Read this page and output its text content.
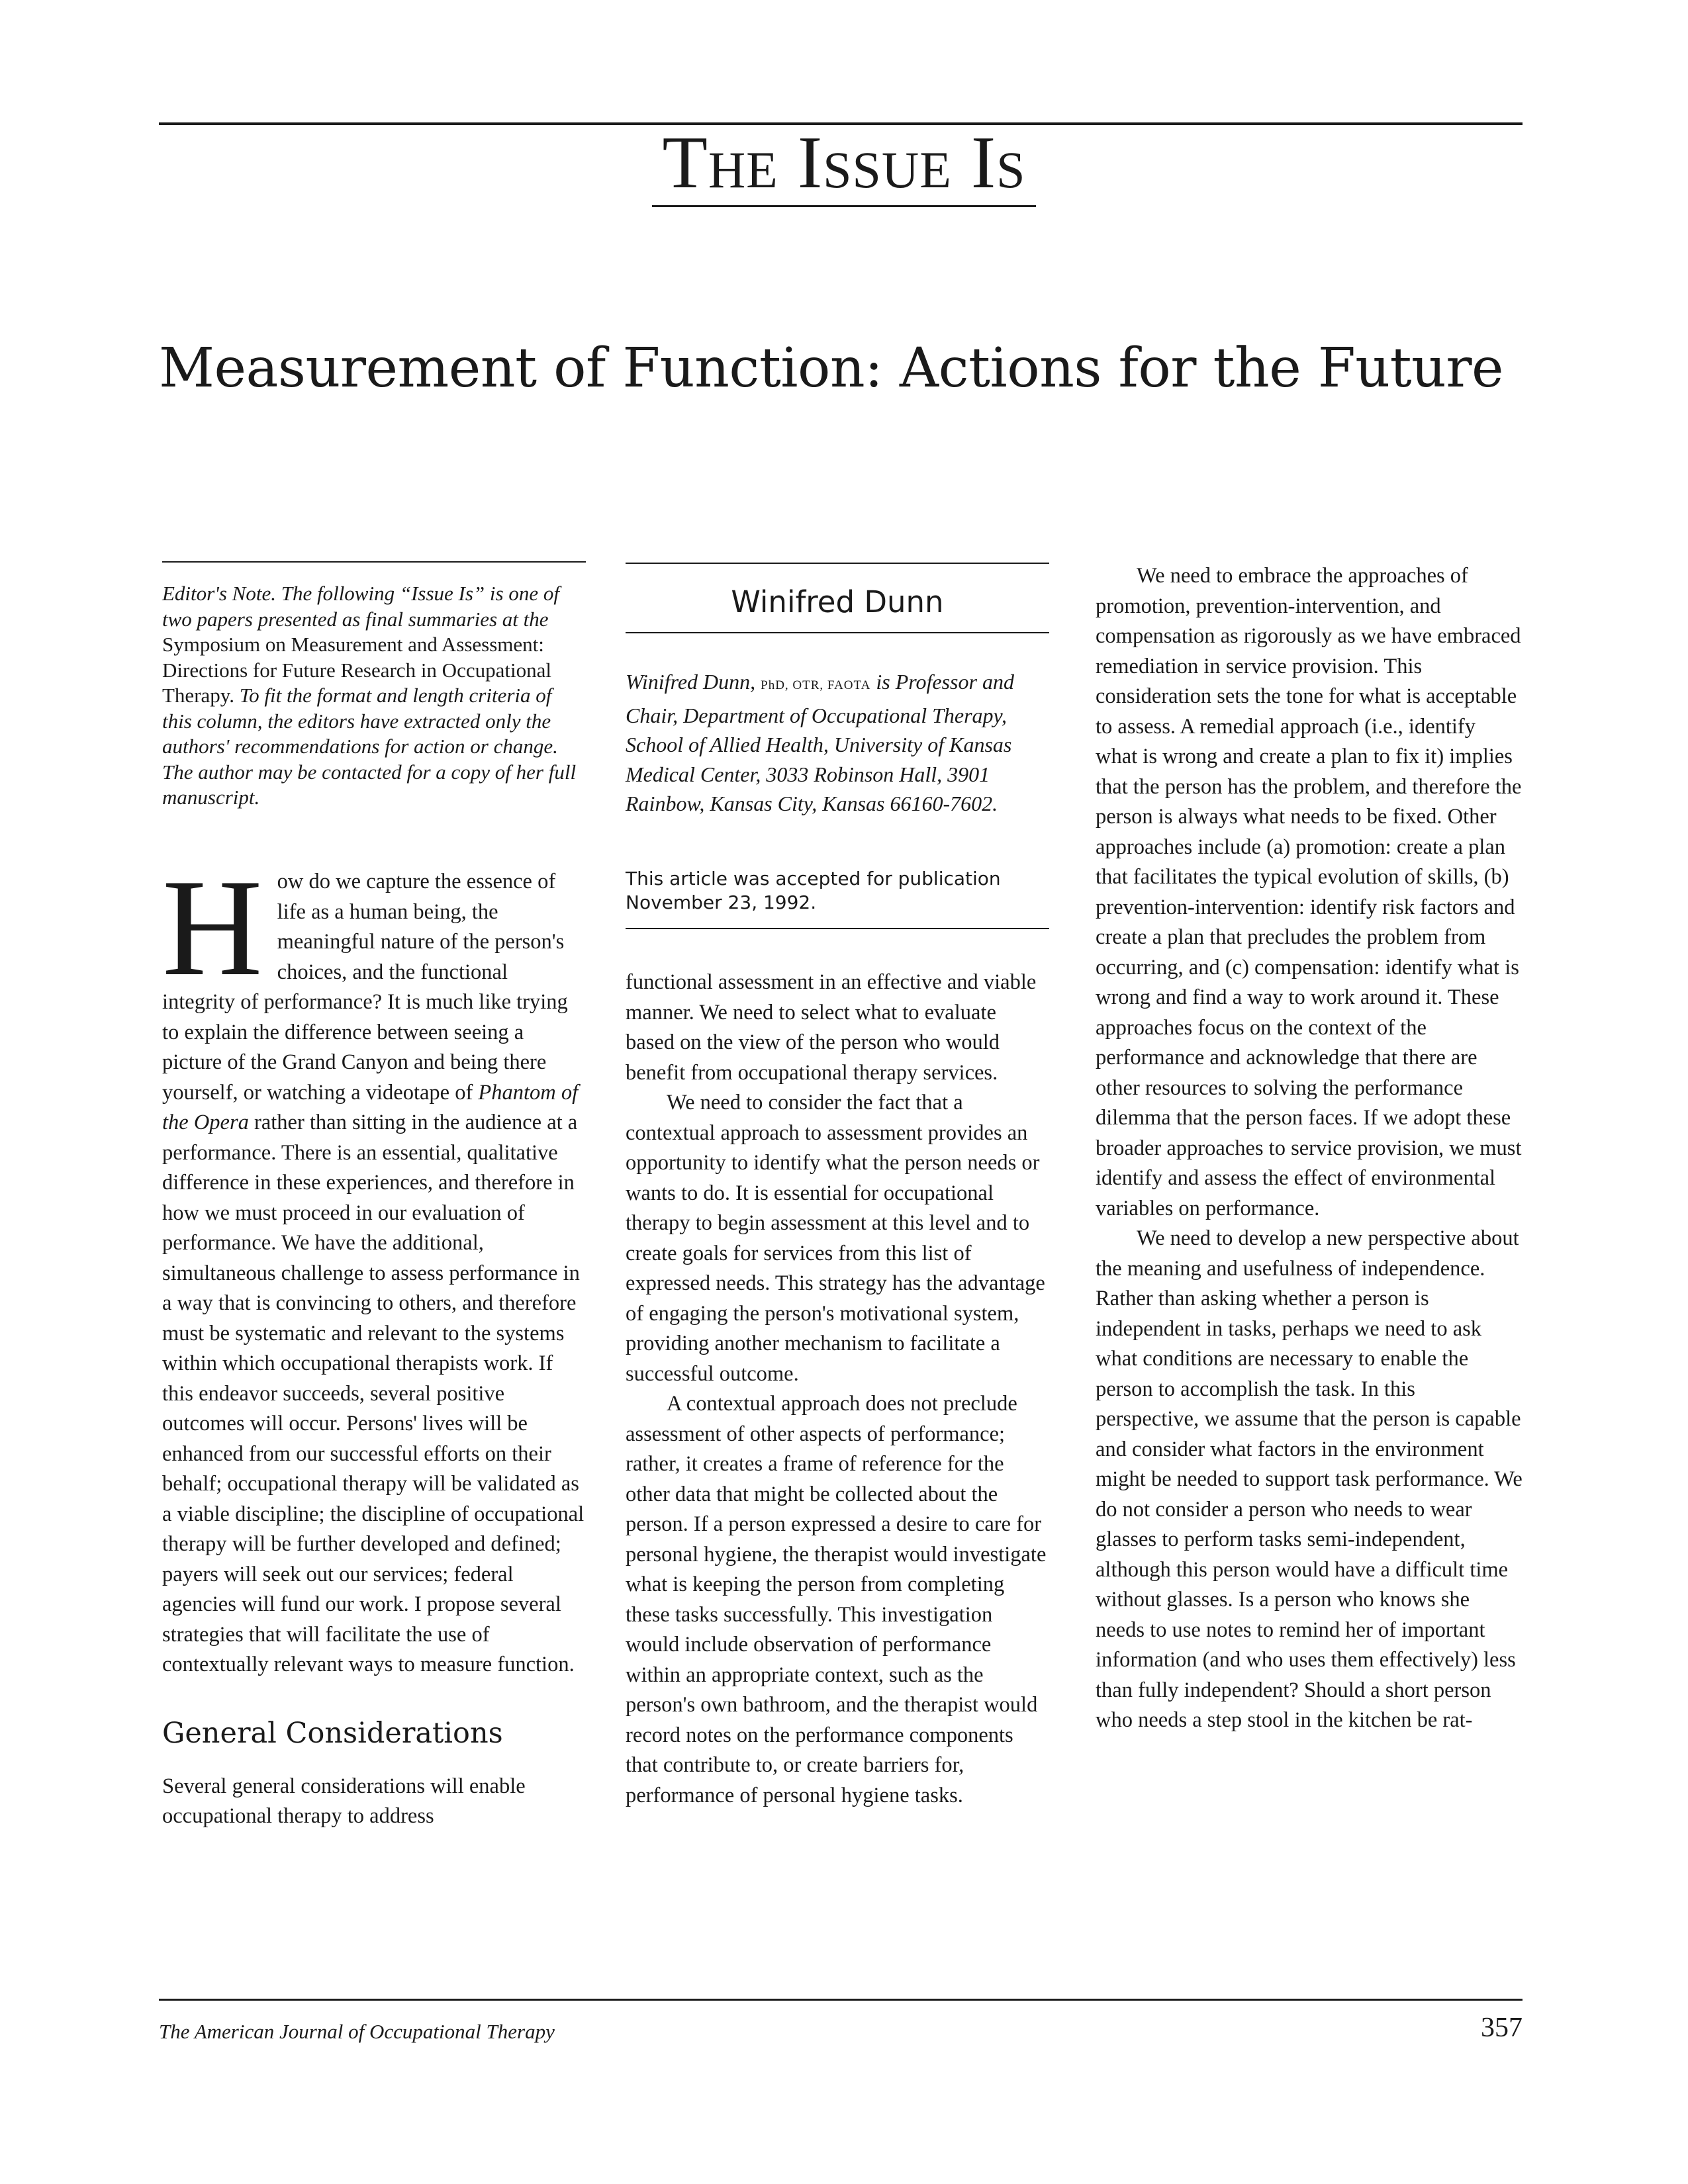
The Issue Is
Measurement of Function: Actions for the Future
Editor's Note. The following “Issue Is” is one of two papers presented as final summaries at the Symposium on Measurement and Assessment: Directions for Future Research in Occupational Therapy. To fit the format and length criteria of this column, the editors have extracted only the authors' recommendations for action or change. The author may be contacted for a copy of her full manuscript.

How do we capture the essence of life as a human being, the meaningful nature of the person's choices, and the functional integrity of performance? It is much like trying to explain the difference between seeing a picture of the Grand Canyon and being there yourself, or watching a videotape of Phantom of the Opera rather than sitting in the audience at a performance. There is an essential, qualitative difference in these experiences, and therefore in how we must proceed in our evaluation of performance. We have the additional, simultaneous challenge to assess performance in a way that is convincing to others, and therefore must be systematic and relevant to the systems within which occupational therapists work. If this endeavor succeeds, several positive outcomes will occur. Persons' lives will be enhanced from our successful efforts on their behalf; occupational therapy will be validated as a viable discipline; the discipline of occupational therapy will be further developed and defined; payers will seek out our services; federal agencies will fund our work. I propose several strategies that will facilitate the use of contextually relevant ways to measure function.

General Considerations

Several general considerations will enable occupational therapy to address

Winifred Dunn
Winifred Dunn, PhD, OTR, FAOTA is Professor and Chair, Department of Occupational Therapy, School of Allied Health, University of Kansas Medical Center, 3033 Robinson Hall, 3901 Rainbow, Kansas City, Kansas 66160-7602.
This article was accepted for publication November 23, 1992.

functional assessment in an effective and viable manner. We need to select what to evaluate based on the view of the person who would benefit from occupational therapy services.

We need to consider the fact that a contextual approach to assessment provides an opportunity to identify what the person needs or wants to do. It is essential for occupational therapy to begin assessment at this level and to create goals for services from this list of expressed needs. This strategy has the advantage of engaging the person's motivational system, providing another mechanism to facilitate a successful outcome.

A contextual approach does not preclude assessment of other aspects of performance; rather, it creates a frame of reference for the other data that might be collected about the person. If a person expressed a desire to care for personal hygiene, the therapist would investigate what is keeping the person from completing these tasks successfully. This investigation would include observation of performance within an appropriate context, such as the person's own bathroom, and the therapist would record notes on the performance components that contribute to, or create barriers for, performance of personal hygiene tasks.

We need to embrace the approaches of promotion, prevention-intervention, and compensation as rigorously as we have embraced remediation in service provision. This consideration sets the tone for what is acceptable to assess. A remedial approach (i.e., identify what is wrong and create a plan to fix it) implies that the person has the problem, and therefore the person is always what needs to be fixed. Other approaches include (a) promotion: create a plan that facilitates the typical evolution of skills, (b) prevention-intervention: identify risk factors and create a plan that precludes the problem from occurring, and (c) compensation: identify what is wrong and find a way to work around it. These approaches focus on the context of the performance and acknowledge that there are other resources to solving the performance dilemma that the person faces. If we adopt these broader approaches to service provision, we must identify and assess the effect of environmental variables on performance.

We need to develop a new perspective about the meaning and usefulness of independence. Rather than asking whether a person is independent in tasks, perhaps we need to ask what conditions are necessary to enable the person to accomplish the task. In this perspective, we assume that the person is capable and consider what factors in the environment might be needed to support task performance. We do not consider a person who needs to wear glasses to perform tasks semi-independent, although this person would have a difficult time without glasses. Is a person who knows she needs to use notes to remind her of important information (and who uses them effectively) less than fully independent? Should a short person who needs a step stool in the kitchen be rat-

The American Journal of Occupational Therapy	357
